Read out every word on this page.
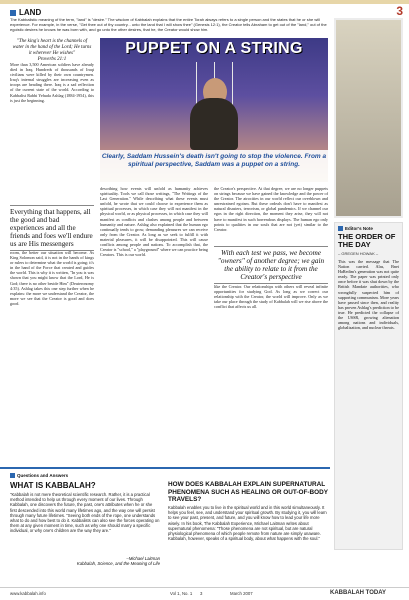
LAND	3
The Kabbalistic meaning of the term, "land" is "desire." The wisdom of Kabbalah explains that the entire Torah always refers to a single person and the states that he or she will experience. For example, in the verse, "Get thee out of thy country... unto the land that I will show thee" (Genesis 12:1), the Creator tells Abraham to get out of the "land," out of the egoistic desires he knows he was born with, and go unto the other desires, that he, the Creator would show him.
"The king's heart is the channels of water in the hand of the Lord; He turns it wherever He wishes"
Proverbs 21:1
PUPPET ON A STRING
Clearly, Saddam Hussein's death isn't going to stop the violence. From a spiritual perspective, Saddam was a puppet on a string.
More than 3,500 American soldiers have already died in Iraq. Hundreds of thousands of Iraqi civilians were killed by their own countrymen. Iraq's internal struggles are increasing even as troops are heading there. Iraq is a sad reflection of the current state of the world. According to Kabbalist Rabbi Yehuda Ashlag (1884-1954), this is just the beginning.
Everything that happens, all the good and bad experiences and all the friends and foes we'll endure us are His messengers
room, the better our situation will become. As King Solomon said, it is not in the hands of kings or rulers to determine what the world is going; it's in the hand of the Force that created and guides the world. This is why it is written, "In you is was shown that you might know that the Lord, He is God; there is no other beside Him" (Deuteronomy 4:35). Ashlag takes this one step further when he explains: the more we understand the Creator, the more we see that the Creator is good and does good.
describing how events will unfold as humanity achieves spirituality. Tools we call those writings, "The Writings of the Last Generation." While describing what these events must unfold, he wrote that we could choose to experience them as spiritual processes, in which case they will not manifest in the physical world, or as physical processes, in which case they will manifest as conflicts and clashes among people and between humanity and nature. Ashlag also explained that the human ego continually tends to grow, demanding pleasures we can receive only from the Creator. As long as we seek to fulfill it with material pleasures, it will be disappointed. This will cause conflicts among people and nations. To accomplish that, the Creator is "school," a "playground" where we can practice being Creators. This is our world.
the Creator's perspective. At that degree, we are no longer puppets on strings because we have gained the knowledge and the power of the Creator. The atrocities in our world reflect our overblown and unrestrained egoism. But these ordeals don't have to manifest as natural disasters, terrorism, or global pandemics. If we channel our egos in the right direction, the moment they arise, they will not have to manifest in such horrendous displays. The human ego only points to qualities in our souls that are not (yet) similar to the Creator.
With each test we pass, we become "owners" of another degree; we gain the ability to relate to it from the Creator's perspective
like the Creator. Our relationships with others will reveal infinite opportunities for studying God. As long as we correct our relationship with the Creator, the world will improve. Only as we take our place through the study of Kabbalah will we rise above the conflict that affects us all.
Editor's Note
THE ORDER OF THE DAY
– GREGEN HOWAK –
This was the message that The Nation carried. Alas, Bnei HaRedim's generation was not quite ready. The paper was printed only once before it was shut down by the British Mandate authorities, who wrongfully suspected him of supporting communism. More years have passed since then, and reality has proven Ashlag's prediction to be true. He predicted the collapse of the USSR, growing alienation among nations and individuals, globalization, and nuclear threats.
Questions and Answers
WHAT IS KABBALAH?
"Kabbalah is not mere theoretical scientific research. Rather, it is a practical method intended to help us through every moment of our lives. Through Kabbalah, one discovers the future, the past, one's attributes when he or she first descended into this world many lifetimes ago, and the way one will persist through many future lifetimes. "Seeing both ends of the rope, one understands what to do and how best to do it. Kabbalists can also see the forces operating on them at any given moment in time, such as why one should marry a specific individual, or why one's children are the way they are."
–Michael Laitman
Kabbalah, Science, and the Meaning of Life
HOW DOES KABBALAH EXPLAIN SUPERNATURAL PHENOMENA SUCH AS HEALING OR OUT-OF-BODY TRAVELS?
Kabbalah enables you to live in the spiritual world and in this world simultaneously. It helps you feel, see, and understand your spiritual growth. By studying it, you will learn to see your past, present, and future, and you will know how to lead your life more wisely. In his book, The Kabbalah Experience, Michael Laitman writes about supernatural phenomena: "Those phenomena are not spiritual, but are natural physiological phenomena of which people remote from nature are simply unaware. Kabbalah, however, speaks of a spiritual body, about what happens with the soul."
www.kabbalah.info	Vol 1, No. 1 3	March 2007	KABBALAH TODAY
